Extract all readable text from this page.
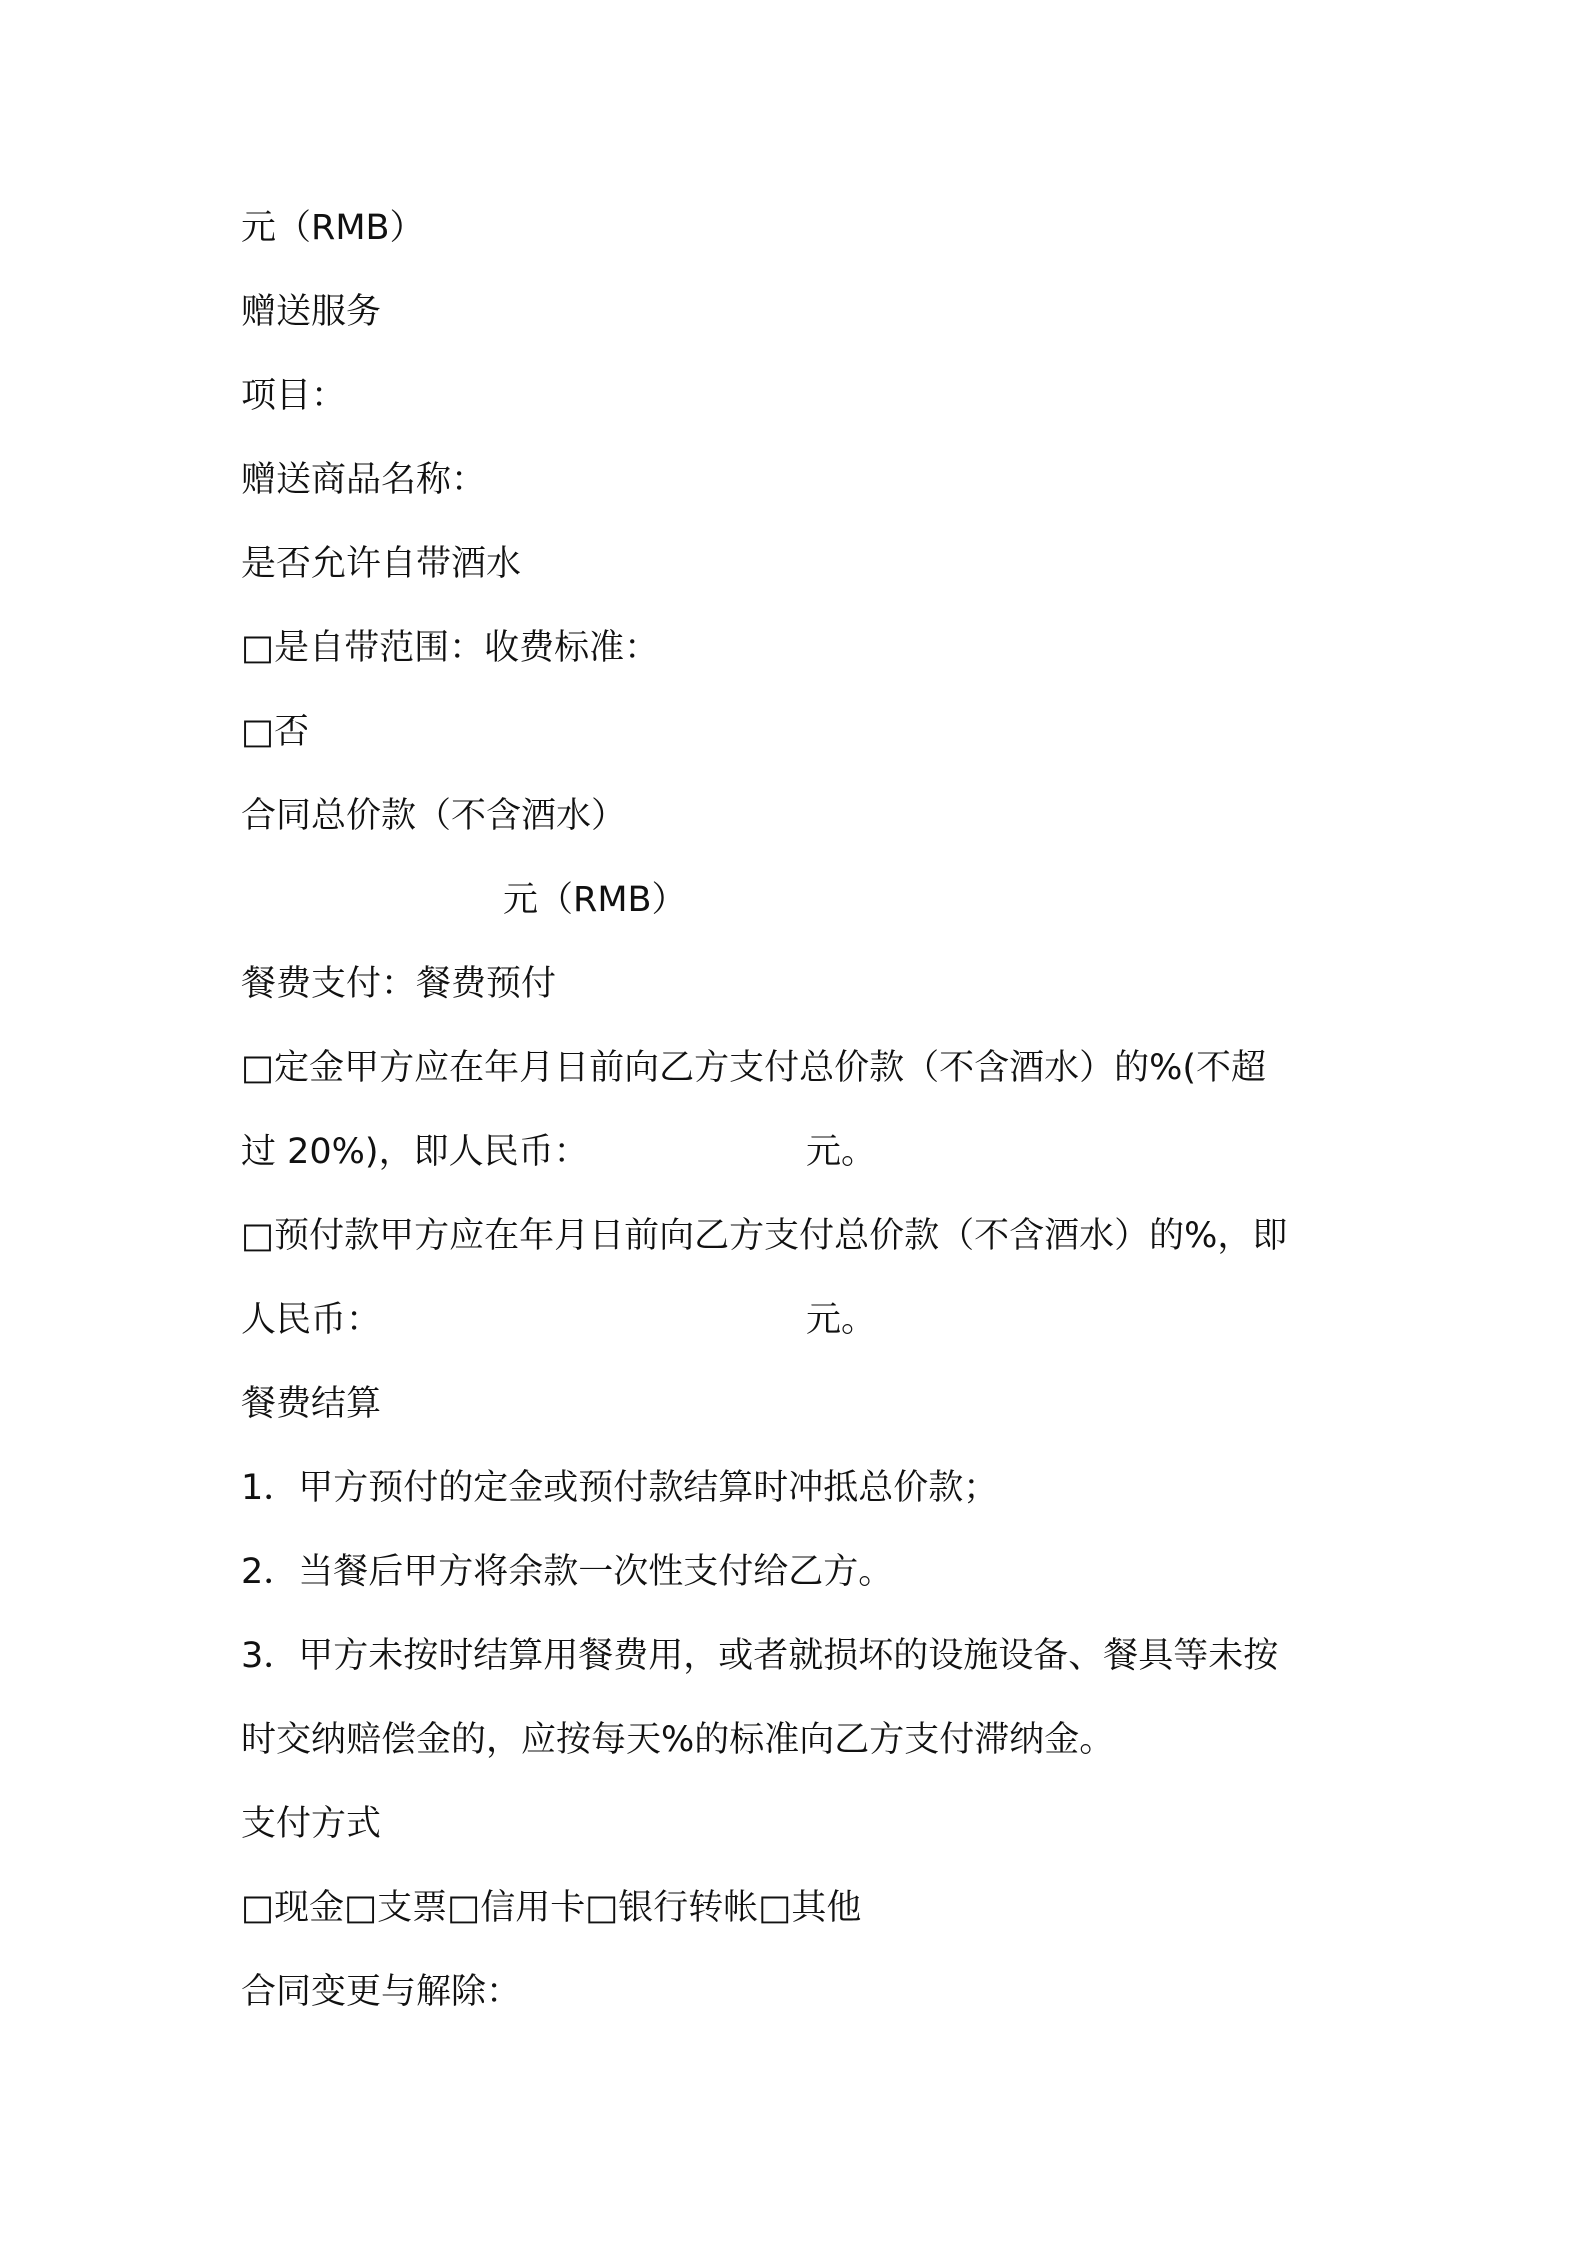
元（RMB）
赠送服务
项目：
赠送商品名称：
是否允许自带酒水
□是自带范围：收费标准：
□否
合同总价款（不含酒水）
元（RMB）
餐费支付：餐费预付
□定金甲方应在年月日前向乙方支付总价款（不含酒水）的%(不超
过 20%)，即人民币：	元。
□预付款甲方应在年月日前向乙方支付总价款（不含酒水）的%，即
人民币：	元。
餐费结算
1．甲方预付的定金或预付款结算时冲抵总价款；
2．当餐后甲方将余款一次性支付给乙方。
3．甲方未按时结算用餐费用，或者就损坏的设施设备、餐具等未按
时交纳赔偿金的，应按每天%的标准向乙方支付滞纳金。
支付方式
□现金□支票□信用卡□银行转帐□其他
合同变更与解除：
